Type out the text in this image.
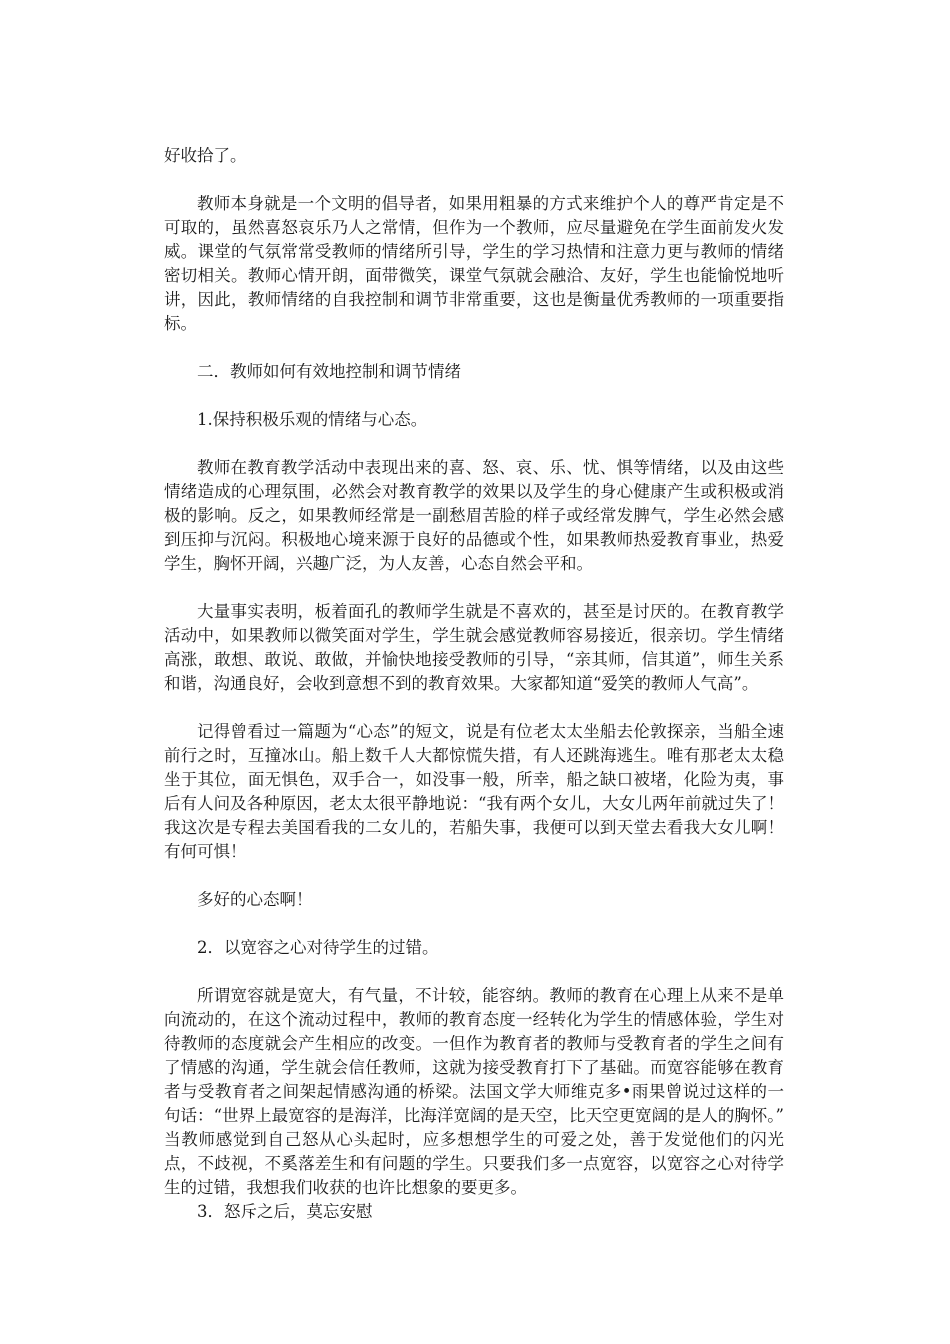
好收拾了。

教师本身就是一个文明的倡导者，如果用粗暴的方式来维护个人的尊严肯定是不可取的，虽然喜怒哀乐乃人之常情，但作为一个教师，应尽量避免在学生面前发火发威。课堂的气氛常常受教师的情绪所引导，学生的学习热情和注意力更与教师的情绪密切相关。教师心情开朗，面带微笑，课堂气氛就会融洽、友好，学生也能愉悦地听讲，因此，教师情绪的自我控制和调节非常重要，这也是衡量优秀教师的一项重要指标。

二．教师如何有效地控制和调节情绪

1.保持积极乐观的情绪与心态。

教师在教育教学活动中表现出来的喜、怒、哀、乐、忧、惧等情绪，以及由这些情绪造成的心理氛围，必然会对教育教学的效果以及学生的身心健康产生或积极或消极的影响。反之，如果教师经常是一副愁眉苦脸的样子或经常发脾气，学生必然会感到压抑与沉闷。积极地心境来源于良好的品德或个性，如果教师热爱教育事业，热爱学生，胸怀开阔，兴趣广泛，为人友善，心态自然会平和。

大量事实表明，板着面孔的教师学生就是不喜欢的，甚至是讨厌的。在教育教学活动中，如果教师以微笑面对学生，学生就会感觉教师容易接近，很亲切。学生情绪高涨，敢想、敢说、敢做，并愉快地接受教师的引导，“亲其师，信其道”，师生关系和谐，沟通良好，会收到意想不到的教育效果。大家都知道“爱笑的教师人气高”。

记得曾看过一篇题为“心态”的短文，说是有位老太太坐船去伦敦探亲，当船全速前行之时，互撞冰山。船上数千人大都惊慌失措，有人还跳海逃生。唯有那老太太稳坐于其位，面无惧色，双手合一，如没事一般，所幸，船之缺口被堵，化险为夷，事后有人问及各种原因，老太太很平静地说：“我有两个女儿，大女儿两年前就过失了！我这次是专程去美国看我的二女儿的，若船失事，我便可以到天堂去看我大女儿啊！有何可惧！

多好的心态啊！

2．以宽容之心对待学生的过错。

所谓宽容就是宽大，有气量，不计较，能容纳。教师的教育在心理上从来不是单向流动的，在这个流动过程中，教师的教育态度一经转化为学生的情感体验，学生对待教师的态度就会产生相应的改变。一但作为教育者的教师与受教育者的学生之间有了情感的沟通，学生就会信任教师，这就为接受教育打下了基础。而宽容能够在教育者与受教育者之间架起情感沟通的桥梁。法国文学大师维克多•雨果曾说过这样的一句话：“世界上最宽容的是海洋，比海洋宽阔的是天空，比天空更宽阔的是人的胸怀。”　当教师感觉到自己怒从心头起时，应多想想学生的可爱之处，善于发觉他们的闪光点，不歧视，不奚落差生和有问题的学生。只要我们多一点宽容，以宽容之心对待学生的过错，我想我们收获的也许比想象的要更多。

3．怒斥之后，莫忘安慰
